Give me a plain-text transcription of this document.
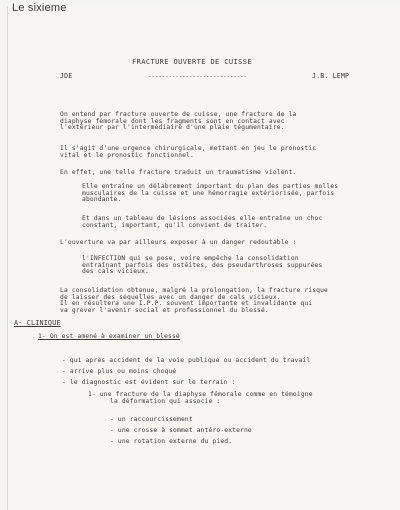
Le sixieme
FRACTURE OUVERTE DE CUISSE
-----------------------------
JDE	J.B. LEMP
On entend par fracture ouverte de cuisse, une fracture de la
diaphyse fémorale dont les fragments sont en contact avec
l'extérieur par l'intermédiaire d'une plaie tégumentaire.
Il s'agit d'une urgence chirurgicale, mettant en jeu le pronostic
vital et le pronostic fonctionnel.
En effet, une telle fracture traduit un traumatisme violent.
Elle entraîne un délabrement important du plan des parties molles
musculaires de la cuisse et une hémorragie extériorisée, parfois
abondante.
Et dans un tableau de lésions associées elle entraîne un choc
constant, important, qu'il convient de traiter.
L'ouverture va par ailleurs exposer à un danger redoutable :
l'INFECTION qui se pose, voire empêche la consolidation
entraînant parfois des ostéites, des pseudarthroses suppurées
des cals vicieux.
La consolidation obtenue, malgré la prolongation, la fracture risque
de laisser des séquelles avec un danger de cals vicieux.
Il en résultera une I.P.P. souvent importante et invalidante qui
va grever l'avenir social et professionnel du blessé.
A- CLINIQUE
1- On est amené à examiner un blessé
- qui après accident de la voie publique ou accident du travail
- arrive plus ou moins choqué
- le diagnostic est évident sur le terrain :
1- une fracture de la diaphyse fémorale comme en témoigne
la déformation qui associe :
- un raccourcissement
- une crosse à sommet antéro-externe
- une rotation externe du pied.
